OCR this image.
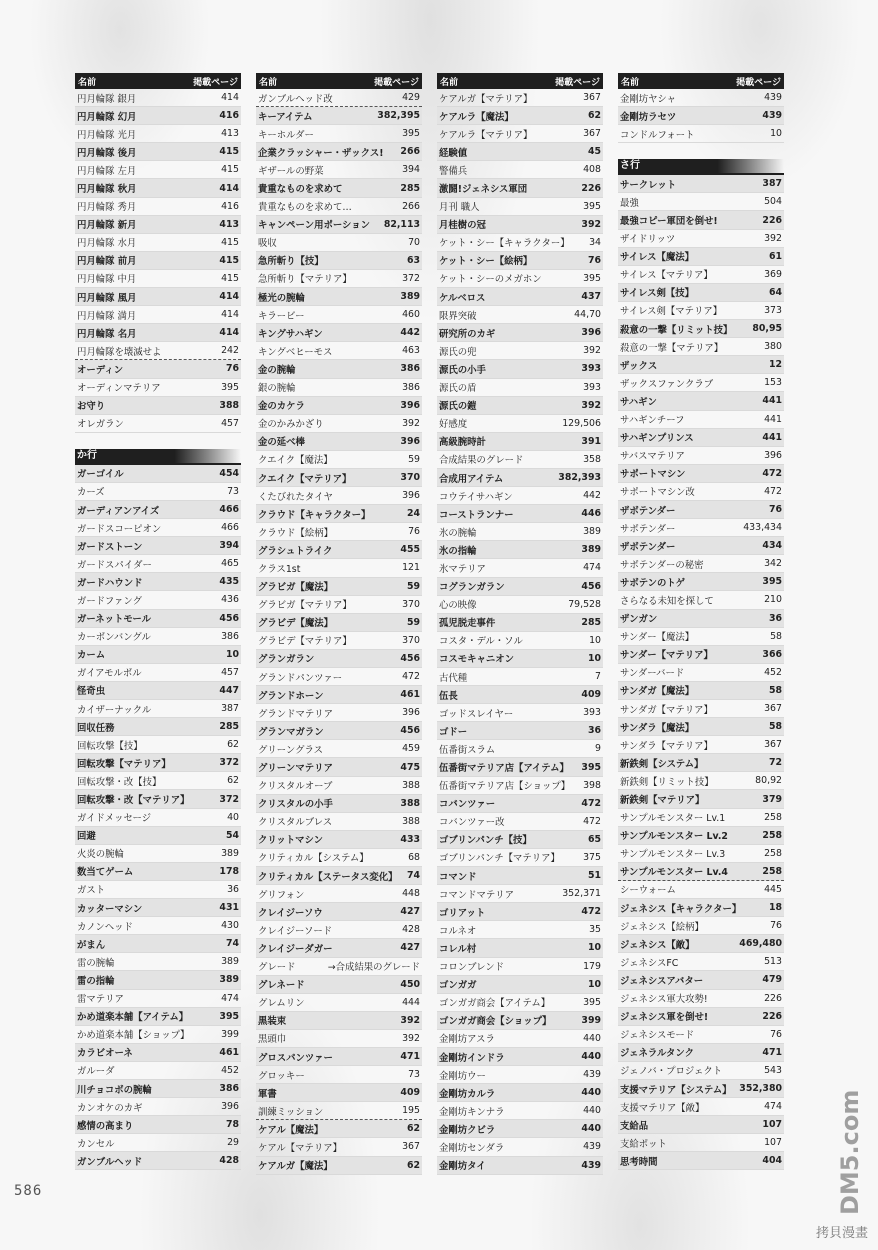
名前	掲載ページ
円月輪隊 銀月	414
円月輪隊 幻月	416
円月輪隊 光月	413
円月輪隊 後月	415
円月輪隊 左月	415
円月輪隊 秋月	414
円月輪隊 秀月	416
円月輪隊 新月	413
円月輪隊 水月	415
円月輪隊 前月	415
円月輪隊 中月	415
円月輪隊 風月	414
円月輪隊 満月	414
円月輪隊 名月	414
円月輪隊を壊滅せよ	242
オーディン	76
オーディンマテリア	395
お守り	388
オレガラン	457
か行
ガーゴイル	454
カーズ	73
ガーディアンアイズ	466
ガードスコーピオン	466
ガードストーン	394
ガードスパイダー	465
ガードハウンド	435
ガードファング	436
ガーネットモール	456
カーボンバングル	386
カーム	10
ガイアモルボル	457
怪奇虫	447
カイザーナックル	387
回収任務	285
回転攻撃【技】	62
回転攻撃【マテリア】	372
回転攻撃・改【技】	62
回転攻撃・改【マテリア】	372
ガイドメッセージ	40
回避	54
火炎の腕輪	389
数当てゲーム	178
ガスト	36
カッターマシン	431
カノンヘッド	430
がまん	74
雷の腕輪	389
雷の指輪	389
雷マテリア	474
かめ道楽本舗【アイテム】	395
かめ道楽本舗【ショップ】	399
カラビオーネ	461
ガルーダ	452
川チョコボの腕輪	386
カンオケのカギ	396
感情の高まり	78
カンセル	29
ガンブルヘッド	428
名前	掲載ページ
ガンブルヘッド改	429
キーアイテム	382,395
キーホルダー	395
企業クラッシャー・ザックス! 266
ギザールの野菜	394
貴重なものを求めて	285
貴重なものを求めて…	266
キャンペーン用ポーション 82,113
吸収	70
急所斬り【技】	63
急所斬り【マテリア】	372
極光の腕輪	389
キラービー	460
キングサハギン	442
キングベヒーモス	463
金の腕輪	386
銀の腕輪	386
金のカケラ	396
金のかみかざり	392
金の延べ棒	396
クエイク【魔法】	59
クエイク【マテリア】	370
くたびれたタイヤ	396
クラウド【キャラクター】	24
クラウド【絵柄】	76
グラシュトライク	455
クラス1st	121
グラビガ【魔法】	59
グラビガ【マテリア】	370
グラビデ【魔法】	59
グラビデ【マテリア】	370
グランガラン	456
グランドパンツァー	472
グランドホーン	461
グランドマテリア	396
グランマガラン	456
グリーングラス	459
グリーンマテリア	475
クリスタルオーブ	388
クリスタルの小手	388
クリスタルブレス	388
クリットマシン	433
クリティカル【システム】	68
クリティカル【ステータス変化】 74
グリフォン	448
クレイジーソウ	427
クレイジーソード	428
クレイジーダガー	427
グレード	→合成結果のグレード
グレネード	450
グレムリン	444
黒装束	392
黒頭巾	392
グロスパンツァー	471
グロッキー	73
軍書	409
訓練ミッション	195
ケアル【魔法】	62
ケアル【マテリア】	367
ケアルガ【魔法】	62
名前	掲載ページ
ケアルガ【マテリア】	367
ケアルラ【魔法】	62
ケアルラ【マテリア】	367
経験値	45
警備兵	408
激闘!ジェネシス軍団	226
月刊 職人	395
月桂樹の冠	392
ケット・シー【キャラクター】 34
ケット・シー【絵柄】	76
ケット・シーのメガホン	395
ケルベロス	437
限界突破	44,70
研究所のカギ	396
源氏の兜	392
源氏の小手	393
源氏の盾	393
源氏の鎧	392
好感度	129,506
高級腕時計	391
合成結果のグレード	358
合成用アイテム	382,393
コウテイサハギン	442
コーストランナー	446
氷の腕輪	389
氷の指輪	389
氷マテリア	474
コグランガラン	456
心の映像	79,528
孤児脱走事件	285
コスタ・デル・ソル	10
コスモキャニオン	10
古代種	7
伍長	409
ゴッドスレイヤー	393
ゴドー	36
伍番街スラム	9
伍番街マテリア店【アイテム】 395
伍番街マテリア店【ショップ】 398
コバンツァー	472
コバンツァー改	472
ゴブリンパンチ【技】	65
ゴブリンパンチ【マテリア】 375
コマンド	51
コマンドマテリア	352,371
ゴリアット	472
コルネオ	35
コレル村	10
コロンブレンド	179
ゴンガガ	10
ゴンガガ商会【アイテム】	395
ゴンガガ商会【ショップ】	399
金剛坊アスラ	440
金剛坊インドラ	440
金剛坊ウー	439
金剛坊カルラ	440
金剛坊キンナラ	440
金剛坊クビラ	440
金剛坊センダラ	439
金剛坊タイ	439
名前	掲載ページ
金剛坊ヤシャ	439
金剛坊ラセツ	439
コンドルフォート	10
さ行
サークレット	387
最強	504
最強コピー軍団を倒せ!	226
ザイドリッツ	392
サイレス【魔法】	61
サイレス【マテリア】	369
サイレス剣【技】	64
サイレス剣【マテリア】	373
殺意の一撃【リミット技】 80,95
殺意の一撃【マテリア】	380
ザックス	12
ザックスファンクラブ	153
サハギン	441
サハギンチーフ	441
サハギンプリンス	441
サバスマテリア	396
サポートマシン	472
サポートマシン改	472
ザボテンダー	76
サボテンダー	433,434
ザボテンダー	434
サボテンダーの秘密	342
サボテンのトゲ	395
さらなる未知を探して	210
ザンガン	36
サンダー【魔法】	58
サンダー【マテリア】	366
サンダーバード	452
サンダガ【魔法】	58
サンダガ【マテリア】	367
サンダラ【魔法】	58
サンダラ【マテリア】	367
新鉄剣【システム】	72
新鉄剣【リミット技】	80,92
新鉄剣【マテリア】	379
サンプルモンスター Lv.1	258
サンプルモンスター Lv.2	258
サンプルモンスター Lv.3	258
サンプルモンスター Lv.4	258
シーウォーム	445
ジェネシス【キャラクター】	18
ジェネシス【絵柄】	76
ジェネシス【敵】	469,480
ジェネシスFC	513
ジェネシスアバター	479
ジェネシス軍大攻勢!	226
ジェネシス軍を倒せ!	226
ジェネシスモード	76
ジェネラルタンク	471
ジェノバ・プロジェクト	543
支援マテリア【システム】 352,380
支援マテリア【敵】	474
支給品	107
支給ポット	107
思考時間	404
586	DM5.com
拷貝漫畫
